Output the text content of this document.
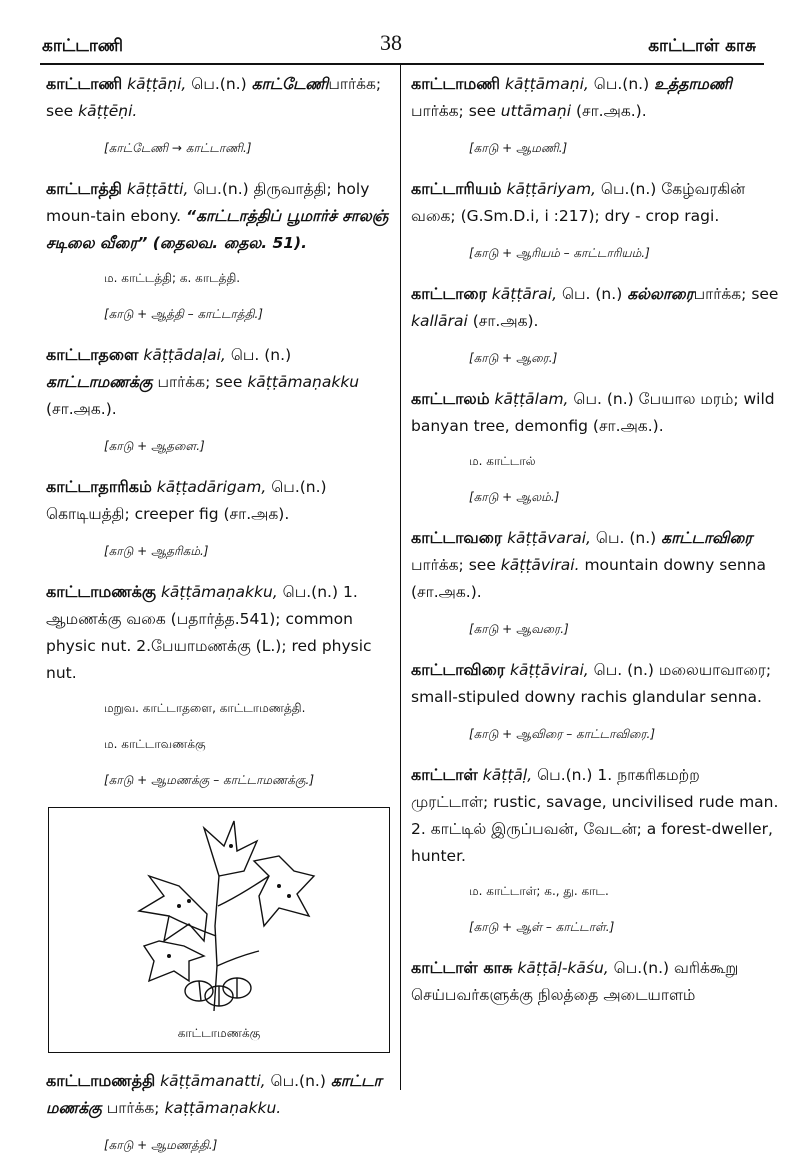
காட்டாணி	38	காட்டாள் காசு
காட்டாணி kāṭṭāṇi, பெ.(n.) காட்டேணிபார்க்க; see kāṭṭēṇi.
[காட்டேணி → காட்டாணி.]
காட்டாத்தி kāṭṭātti, பெ.(n.) திருவாத்தி; holy moun-tain ebony. “காட்டாத்திப் பூமார்ச் சாலஞ் சடிலை வீரை” (தைலவ. தைல. 51).
ம. காட்டத்தி; க. காடத்தி.
[காடு + ஆத்தி – காட்டாத்தி.]
காட்டாதளை kāṭṭādaḷai, பெ. (n.) காட்டாமணக்கு பார்க்க; see kāṭṭāmaṇakku (சா.அக.).
[காடு + ஆதளை.]
காட்டாதாரிகம் kāṭṭadārigam, பெ.(n.) கொடியத்தி; creeper fig (சா.அக).
[காடு + ஆதரிகம்.]
காட்டாமணக்கு kāṭṭāmaṇakku, பெ.(n.) 1. ஆமணக்கு வகை (பதார்த்த.541); common physic nut. 2.பேயாமணக்கு (L.); red physic nut.
மறுவ. காட்டாதளை, காட்டாமணத்தி.
ம. காட்டாவணக்கு
[காடு + ஆமணக்கு – காட்டாமணக்கு.]
காட்டாமணக்கு
காட்டாமணத்தி kāṭṭāmanatti, பெ.(n.) காட்டா மணக்கு பார்க்க; kaṭṭāmaṇakku.
[காடு + ஆமணத்தி.]
காட்டாமணி kāṭṭāmaṇi, பெ.(n.) உத்தாமணி பார்க்க; see uttāmaṇi (சா.அக.).
[காடு + ஆமணி.]
காட்டாரியம் kāṭṭāriyam, பெ.(n.) கேழ்வரகின் வகை; (G.Sm.D.i, i :217); dry - crop ragi.
[காடு + ஆரியம் – காட்டாரியம்.]
காட்டாரை kāṭṭārai, பெ. (n.) கல்லாரைபார்க்க; see kallārai (சா.அக).
[காடு + ஆரை.]
காட்டாலம் kāṭṭālam, பெ. (n.) பேயால மரம்; wild banyan tree, demonfig (சா.அக.).
ம. காட்டால்
[காடு + ஆலம்.]
காட்டாவரை kāṭṭāvarai, பெ. (n.) காட்டாவிரை பார்க்க; see kāṭṭāvirai. mountain downy senna (சா.அக.).
[காடு + ஆவரை.]
காட்டாவிரை kāṭṭāvirai, பெ. (n.) மலையாவாரை; small-stipuled downy rachis glandular senna.
[காடு + ஆவிரை – காட்டாவிரை.]
காட்டாள் kāṭṭāḷ, பெ.(n.) 1. நாகரிகமற்ற முரட்டாள்; rustic, savage, uncivilised rude man. 2. காட்டில் இருப்பவன், வேடன்; a forest-dweller, hunter.
ம. காட்டாள்; க., து. காட.
[காடு + ஆள் – காட்டாள்.]
காட்டாள் காசு kāṭṭāḷ-kāśu, பெ.(n.) வரிக்கூறு செய்பவர்களுக்கு நிலத்தை அடையாளம்
